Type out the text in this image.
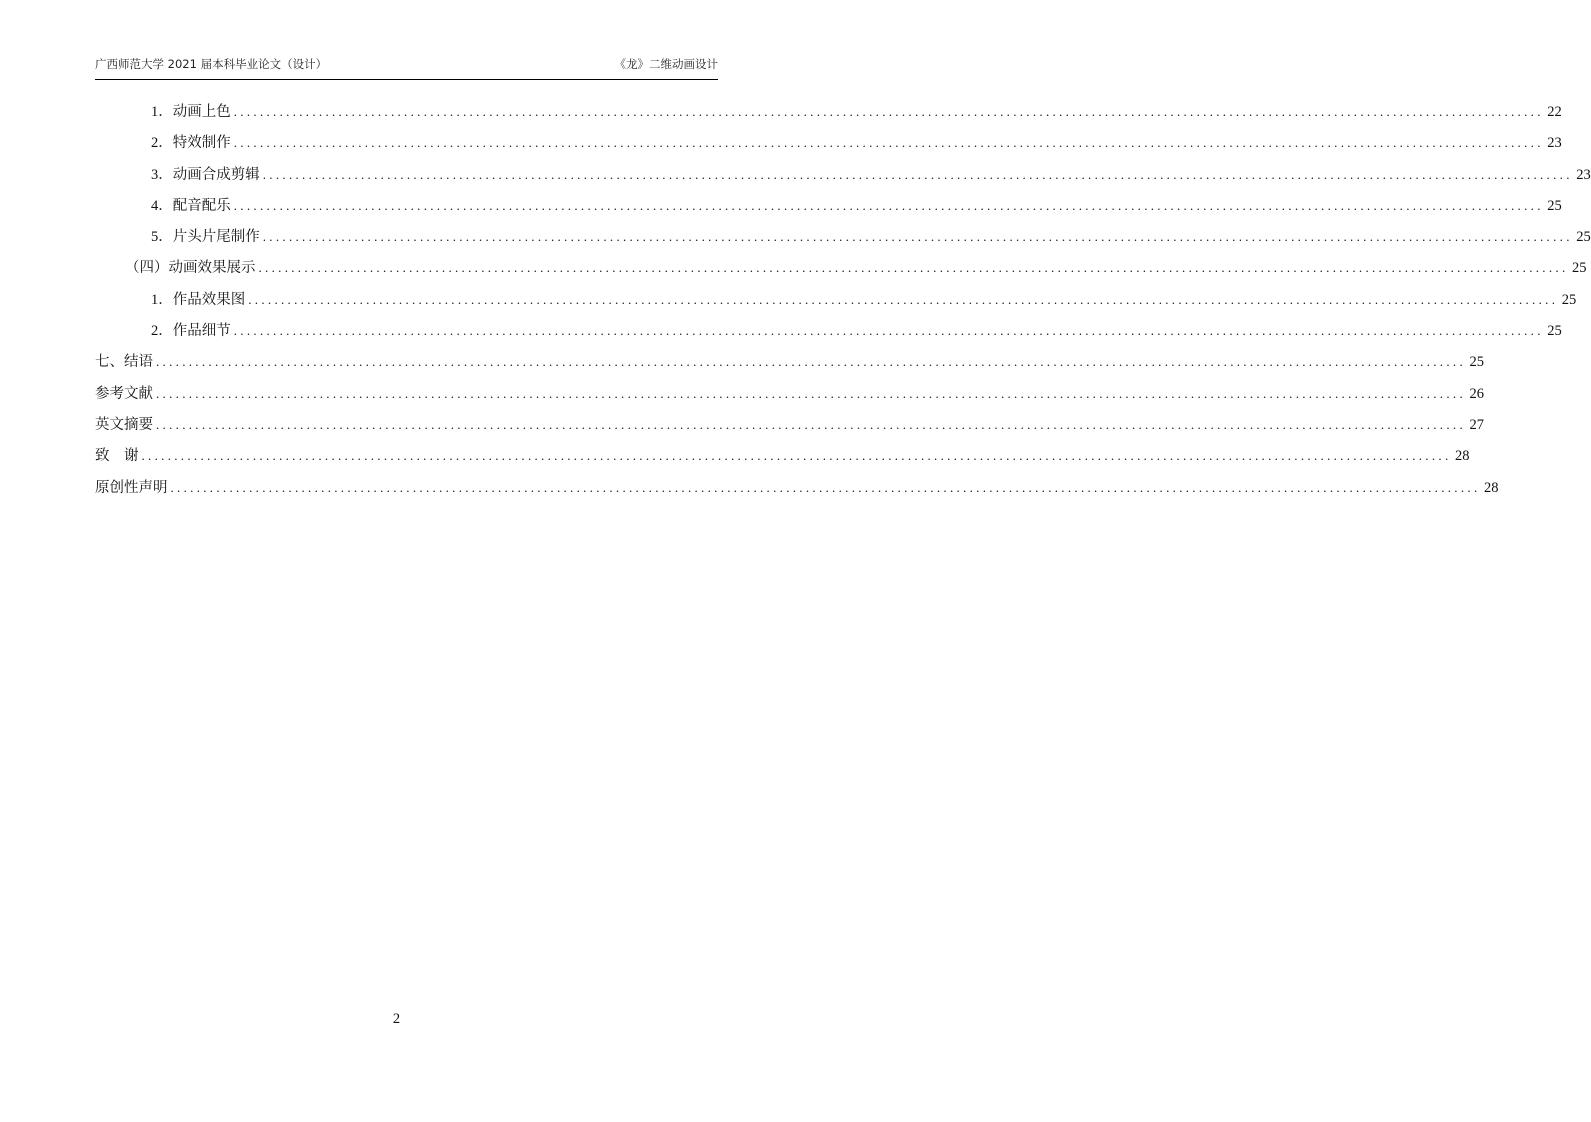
广西师范大学 2021 届本科毕业论文（设计）	《龙》二维动画设计
1． 动画上色 ........................................................................................................................................................................................................ 22
2． 特效制作 ........................................................................................................................................................................................................ 23
3． 动画合成剪辑 ........................................................................................................................................................................................................ 23
4． 配音配乐 ........................................................................................................................................................................................................ 25
5． 片头片尾制作 ........................................................................................................................................................................................................ 25
（四）动画效果展示 ........................................................................................................................................................................................................ 25
1． 作品效果图 ........................................................................................................................................................................................................ 25
2． 作品细节 ........................................................................................................................................................................................................ 25
七、结语 ........................................................................................................................................................................................................ 25
参考文献 ........................................................................................................................................................................................................ 26
英文摘要 ........................................................................................................................................................................................................ 27
致　谢 ........................................................................................................................................................................................................ 28
原创性声明 ........................................................................................................................................................................................................ 28
2
